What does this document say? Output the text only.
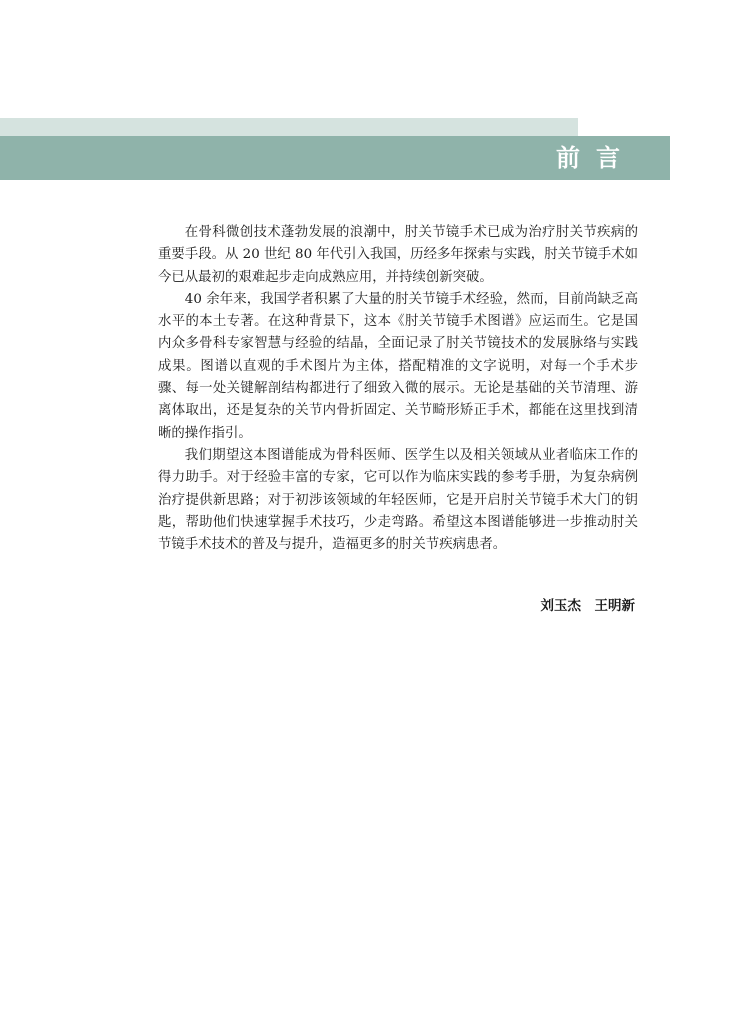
前言

在骨科微创技术蓬勃发展的浪潮中，肘关节镜手术已成为治疗肘关节疾病的重要手段。从 20 世纪 80 年代引入我国，历经多年探索与实践，肘关节镜手术如今已从最初的艰难起步走向成熟应用，并持续创新突破。

40 余年来，我国学者积累了大量的肘关节镜手术经验，然而，目前尚缺乏高水平的本土专著。在这种背景下，这本《肘关节镜手术图谱》应运而生。它是国内众多骨科专家智慧与经验的结晶，全面记录了肘关节镜技术的发展脉络与实践成果。图谱以直观的手术图片为主体，搭配精准的文字说明，对每一个手术步骤、每一处关键解剖结构都进行了细致入微的展示。无论是基础的关节清理、游离体取出，还是复杂的关节内骨折固定、关节畸形矫正手术，都能在这里找到清晰的操作指引。

我们期望这本图谱能成为骨科医师、医学生以及相关领域从业者临床工作的得力助手。对于经验丰富的专家，它可以作为临床实践的参考手册，为复杂病例治疗提供新思路；对于初涉该领域的年轻医师，它是开启肘关节镜手术大门的钥匙，帮助他们快速掌握手术技巧，少走弯路。希望这本图谱能够进一步推动肘关节镜手术技术的普及与提升，造福更多的肘关节疾病患者。

刘玉杰　王明新
